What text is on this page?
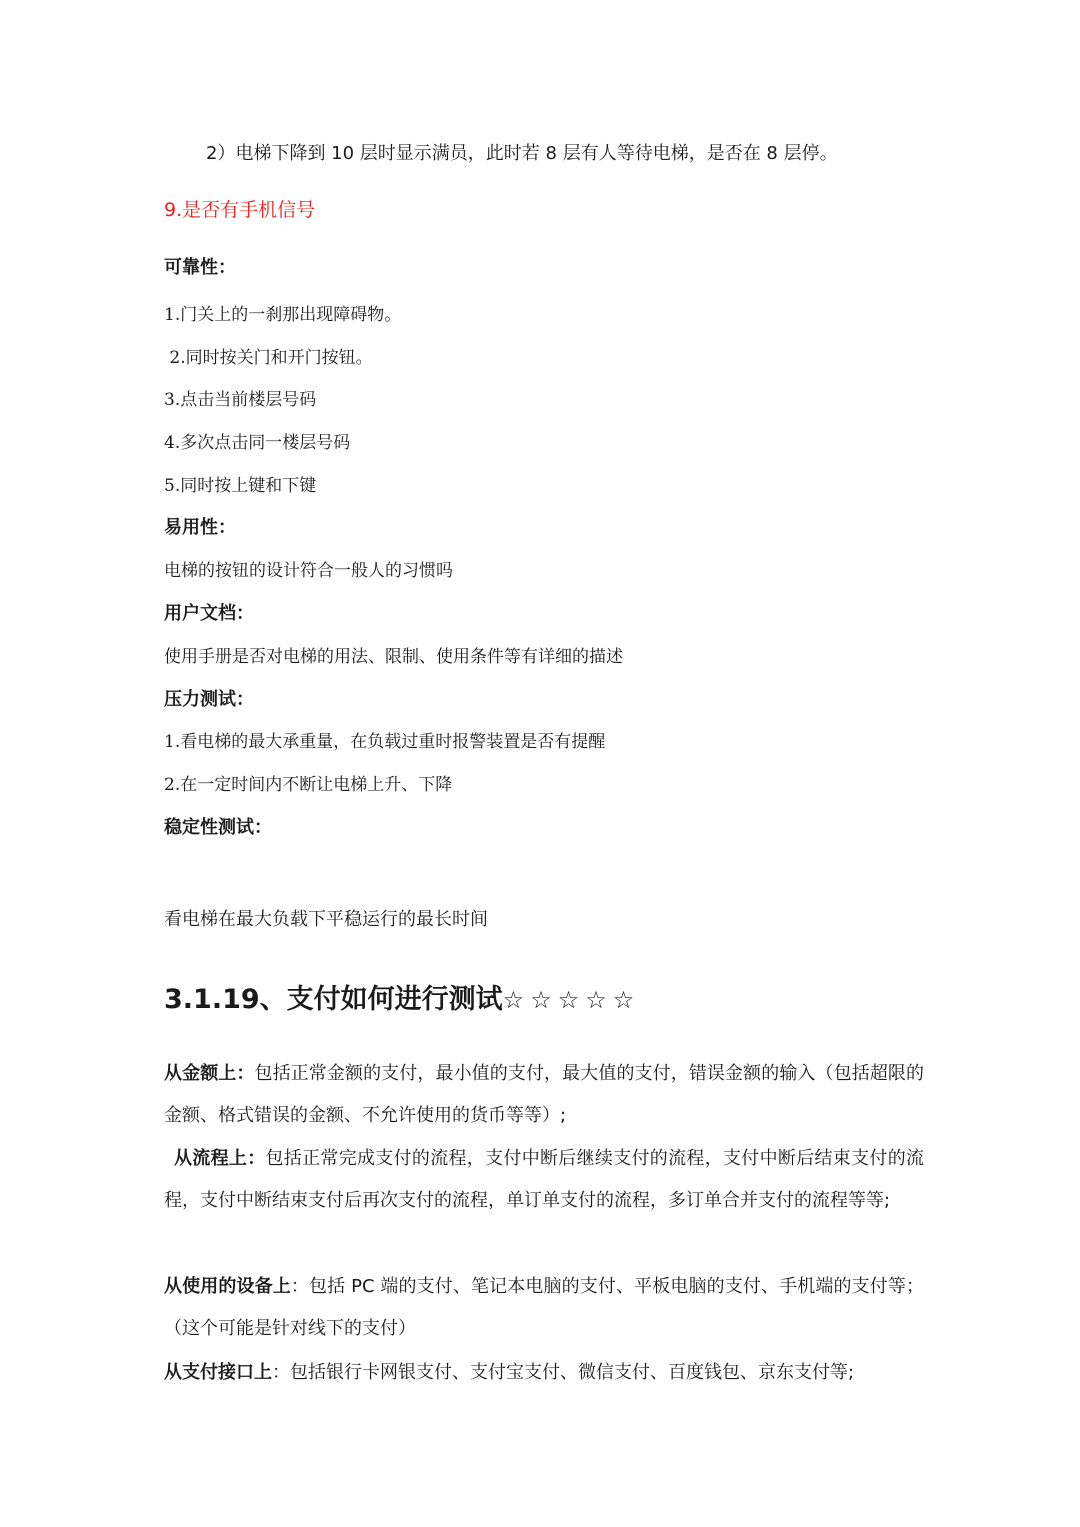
2）电梯下降到 10 层时显示满员，此时若 8 层有人等待电梯，是否在 8 层停。
9.是否有手机信号
可靠性：
1.门关上的一刹那出现障碍物。
2.同时按关门和开门按钮。
3.点击当前楼层号码
4.多次点击同一楼层号码
5.同时按上键和下键
易用性：
电梯的按钮的设计符合一般人的习惯吗
用户文档：
使用手册是否对电梯的用法、限制、使用条件等有详细的描述
压力测试：
1.看电梯的最大承重量，在负载过重时报警装置是否有提醒
2.在一定时间内不断让电梯上升、下降
稳定性测试：
看电梯在最大负载下平稳运行的最长时间
3.1.19、支付如何进行测试☆☆☆☆☆
从金额上：包括正常金额的支付，最小值的支付，最大值的支付，错误金额的输入（包括超限的金额、格式错误的金额、不允许使用的货币等等）;
从流程上：包括正常完成支付的流程，支付中断后继续支付的流程，支付中断后结束支付的流程，支付中断结束支付后再次支付的流程，单订单支付的流程，多订单合并支付的流程等等;
从使用的设备上：包括 PC 端的支付、笔记本电脑的支付、平板电脑的支付、手机端的支付等；（这个可能是针对线下的支付）
从支付接口上：包括银行卡网银支付、支付宝支付、微信支付、百度钱包、京东支付等;
